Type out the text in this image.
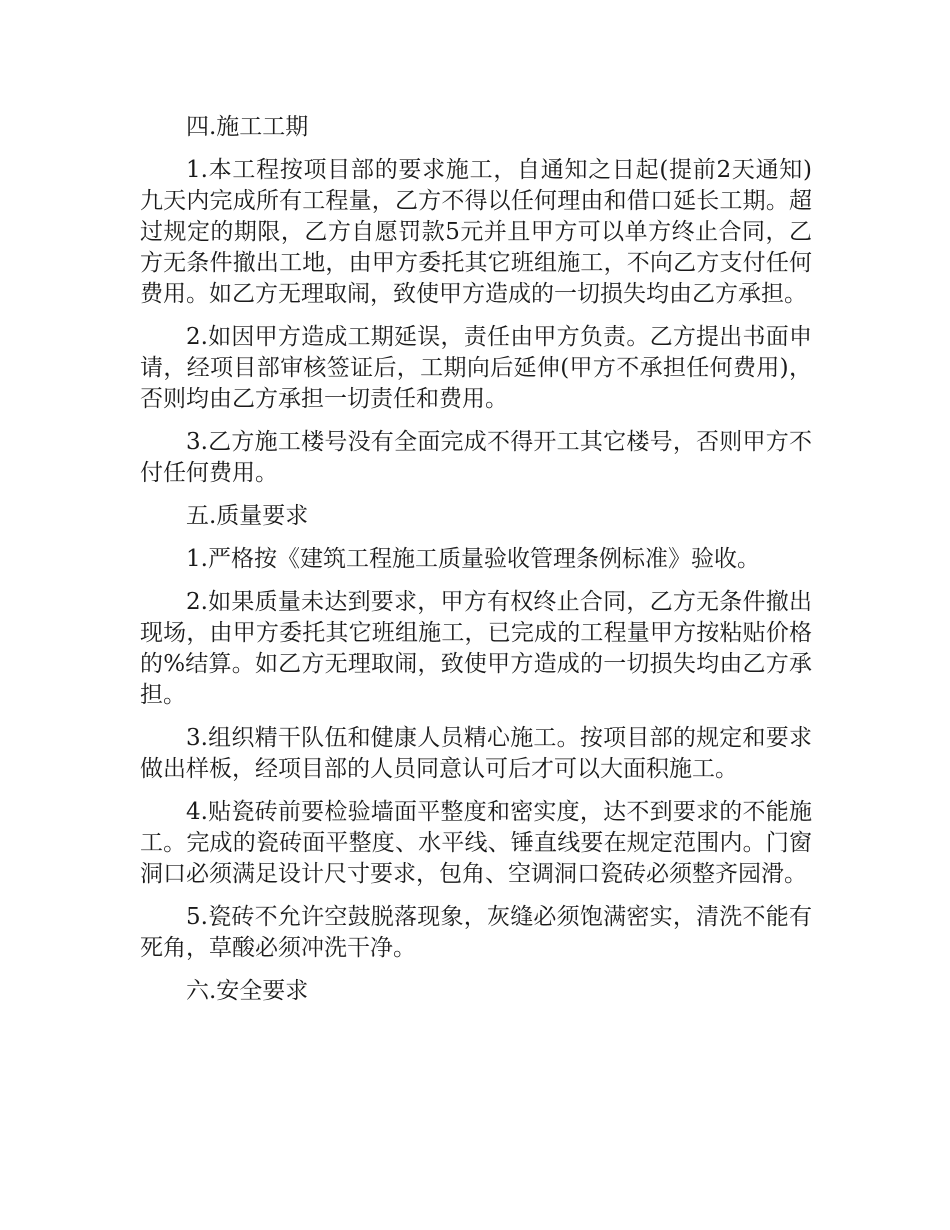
四.施工工期

1.本工程按项目部的要求施工，自通知之日起(提前2天通知)九天内完成所有工程量，乙方不得以任何理由和借口延长工期。超过规定的期限，乙方自愿罚款5元并且甲方可以单方终止合同，乙方无条件撤出工地，由甲方委托其它班组施工，不向乙方支付任何费用。如乙方无理取闹，致使甲方造成的一切损失均由乙方承担。

2.如因甲方造成工期延误，责任由甲方负责。乙方提出书面申请，经项目部审核签证后，工期向后延伸(甲方不承担任何费用)，否则均由乙方承担一切责任和费用。

3.乙方施工楼号没有全面完成不得开工其它楼号，否则甲方不付任何费用。

五.质量要求

1.严格按《建筑工程施工质量验收管理条例标准》验收。

2.如果质量未达到要求，甲方有权终止合同，乙方无条件撤出现场，由甲方委托其它班组施工，已完成的工程量甲方按粘贴价格的%结算。如乙方无理取闹，致使甲方造成的一切损失均由乙方承担。

3.组织精干队伍和健康人员精心施工。按项目部的规定和要求做出样板，经项目部的人员同意认可后才可以大面积施工。

4.贴瓷砖前要检验墙面平整度和密实度，达不到要求的不能施工。完成的瓷砖面平整度、水平线、锤直线要在规定范围内。门窗洞口必须满足设计尺寸要求，包角、空调洞口瓷砖必须整齐园滑。

5.瓷砖不允许空鼓脱落现象，灰缝必须饱满密实，清洗不能有死角，草酸必须冲洗干净。

六.安全要求
